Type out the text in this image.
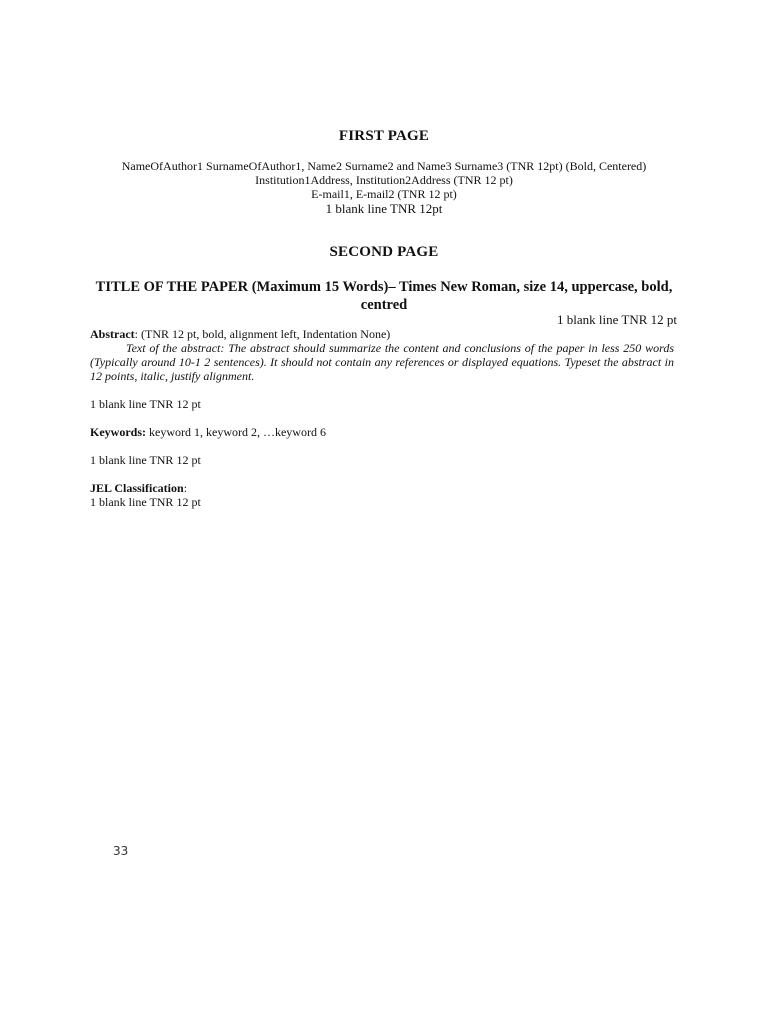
FIRST PAGE

NameOfAuthor1 SurnameOfAuthor1, Name2 Surname2 and Name3 Surname3 (TNR 12pt) (Bold, Centered)

Institution1Address, Institution2Address (TNR 12 pt)

E-mail1, E-mail2 (TNR 12 pt)

1 blank line TNR 12pt

SECOND PAGE
TITLE OF THE PAPER (Maximum 15 Words)– Times New Roman, size 14, uppercase, bold, centred

1 blank line TNR 12 pt

Abstract: (TNR 12 pt, bold, alignment left, Indentation None)

Text of the abstract: The abstract should summarize the content and conclusions of the paper in less 250 words (Typically around 10-1 2 sentences). It should not contain any references or displayed equations. Typeset the abstract in 12 points, italic, justify alignment.

1 blank line TNR 12 pt

Keywords: keyword 1, keyword 2, …keyword 6

1 blank line TNR 12 pt

JEL Classification:

1 blank line TNR 12 pt

33
